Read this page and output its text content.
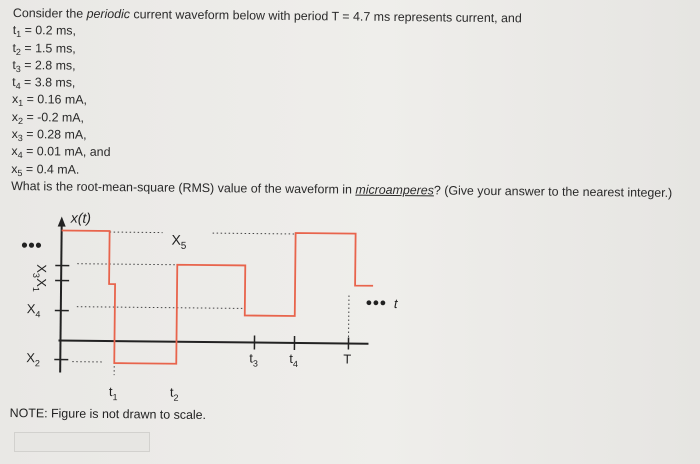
Consider the periodic current waveform below with period T = 4.7 ms represents current, and
$t_1 = 0.2$ ms,
$t_2 = 1.5$ ms,
$t_3 = 2.8$ ms,
$t_4 = 3.8$ ms,
$x_1 = 0.16$ mA,
$x_2 = -0.2$ mA,
$x_3 = 0.28$ mA,
$x_4 = 0.01$ mA, and
$x_5 = 0.4$ mA.
What is the root-mean-square (RMS) value of the waveform in microamperes? (Give your answer to the nearest integer.)
x(t)
$X_5$
$X_3$
$X_1$
$X_4$
$X_2$
$t_1$	$t_2$
$t_3$ $t_4$	T
t
NOTE: Figure is not drawn to scale.
